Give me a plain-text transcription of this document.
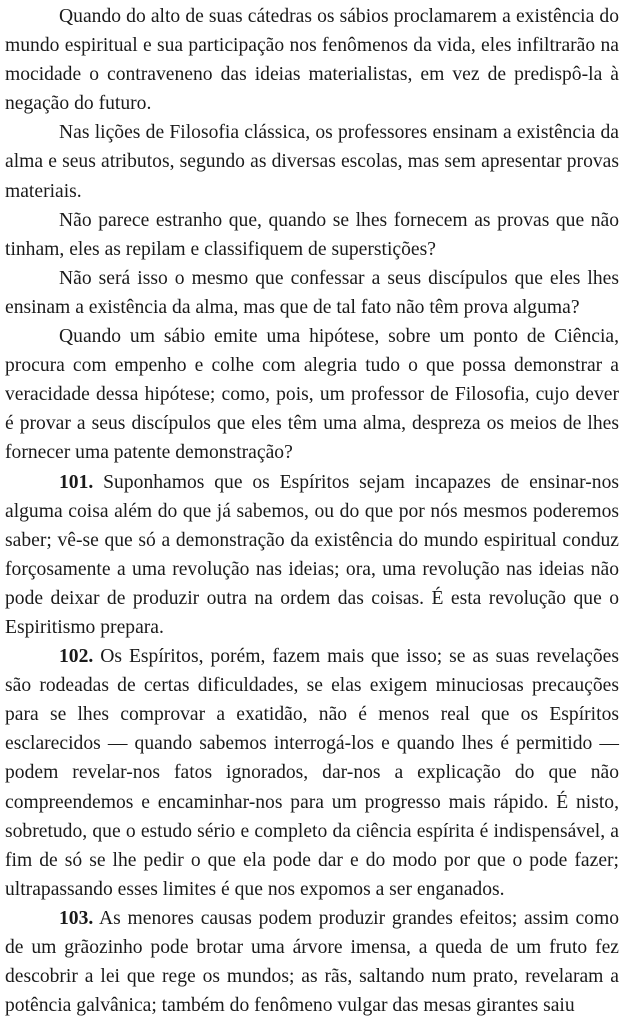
Quando do alto de suas cátedras os sábios proclamarem a existência do mundo espiritual e sua participação nos fenômenos da vida, eles infiltrarão na mocidade o contraveneno das ideias materialistas, em vez de predispô-la à negação do futuro.

Nas lições de Filosofia clássica, os professores ensinam a existência da alma e seus atributos, segundo as diversas escolas, mas sem apresentar provas materiais.

Não parece estranho que, quando se lhes fornecem as provas que não tinham, eles as repilam e classifiquem de superstições?

Não será isso o mesmo que confessar a seus discípulos que eles lhes ensinam a existência da alma, mas que de tal fato não têm prova alguma?

Quando um sábio emite uma hipótese, sobre um ponto de Ciência, procura com empenho e colhe com alegria tudo o que possa demonstrar a veracidade dessa hipótese; como, pois, um professor de Filosofia, cujo dever é provar a seus discípulos que eles têm uma alma, despreza os meios de lhes fornecer uma patente demonstração?

101. Suponhamos que os Espíritos sejam incapazes de ensinar-nos alguma coisa além do que já sabemos, ou do que por nós mesmos poderemos saber; vê-se que só a demonstração da existência do mundo espiritual conduz forçosamente a uma revolução nas ideias; ora, uma revolução nas ideias não pode deixar de produzir outra na ordem das coisas. É esta revolução que o Espiritismo prepara.

102. Os Espíritos, porém, fazem mais que isso; se as suas revelações são rodeadas de certas dificuldades, se elas exigem minuciosas precauções para se lhes comprovar a exatidão, não é menos real que os Espíritos esclarecidos — quando sabemos interrogá-los e quando lhes é permitido — podem revelar-nos fatos ignorados, dar-nos a explicação do que não compreendemos e encaminhar-nos para um progresso mais rápido. É nisto, sobretudo, que o estudo sério e completo da ciência espírita é indispensável, a fim de só se lhe pedir o que ela pode dar e do modo por que o pode fazer; ultrapassando esses limites é que nos expomos a ser enganados.

103. As menores causas podem produzir grandes efeitos; assim como de um grãozinho pode brotar uma árvore imensa, a queda de um fruto fez descobrir a lei que rege os mundos; as rãs, saltando num prato, revelaram a potência galvânica; também do fenômeno vulgar das mesas girantes saiu
